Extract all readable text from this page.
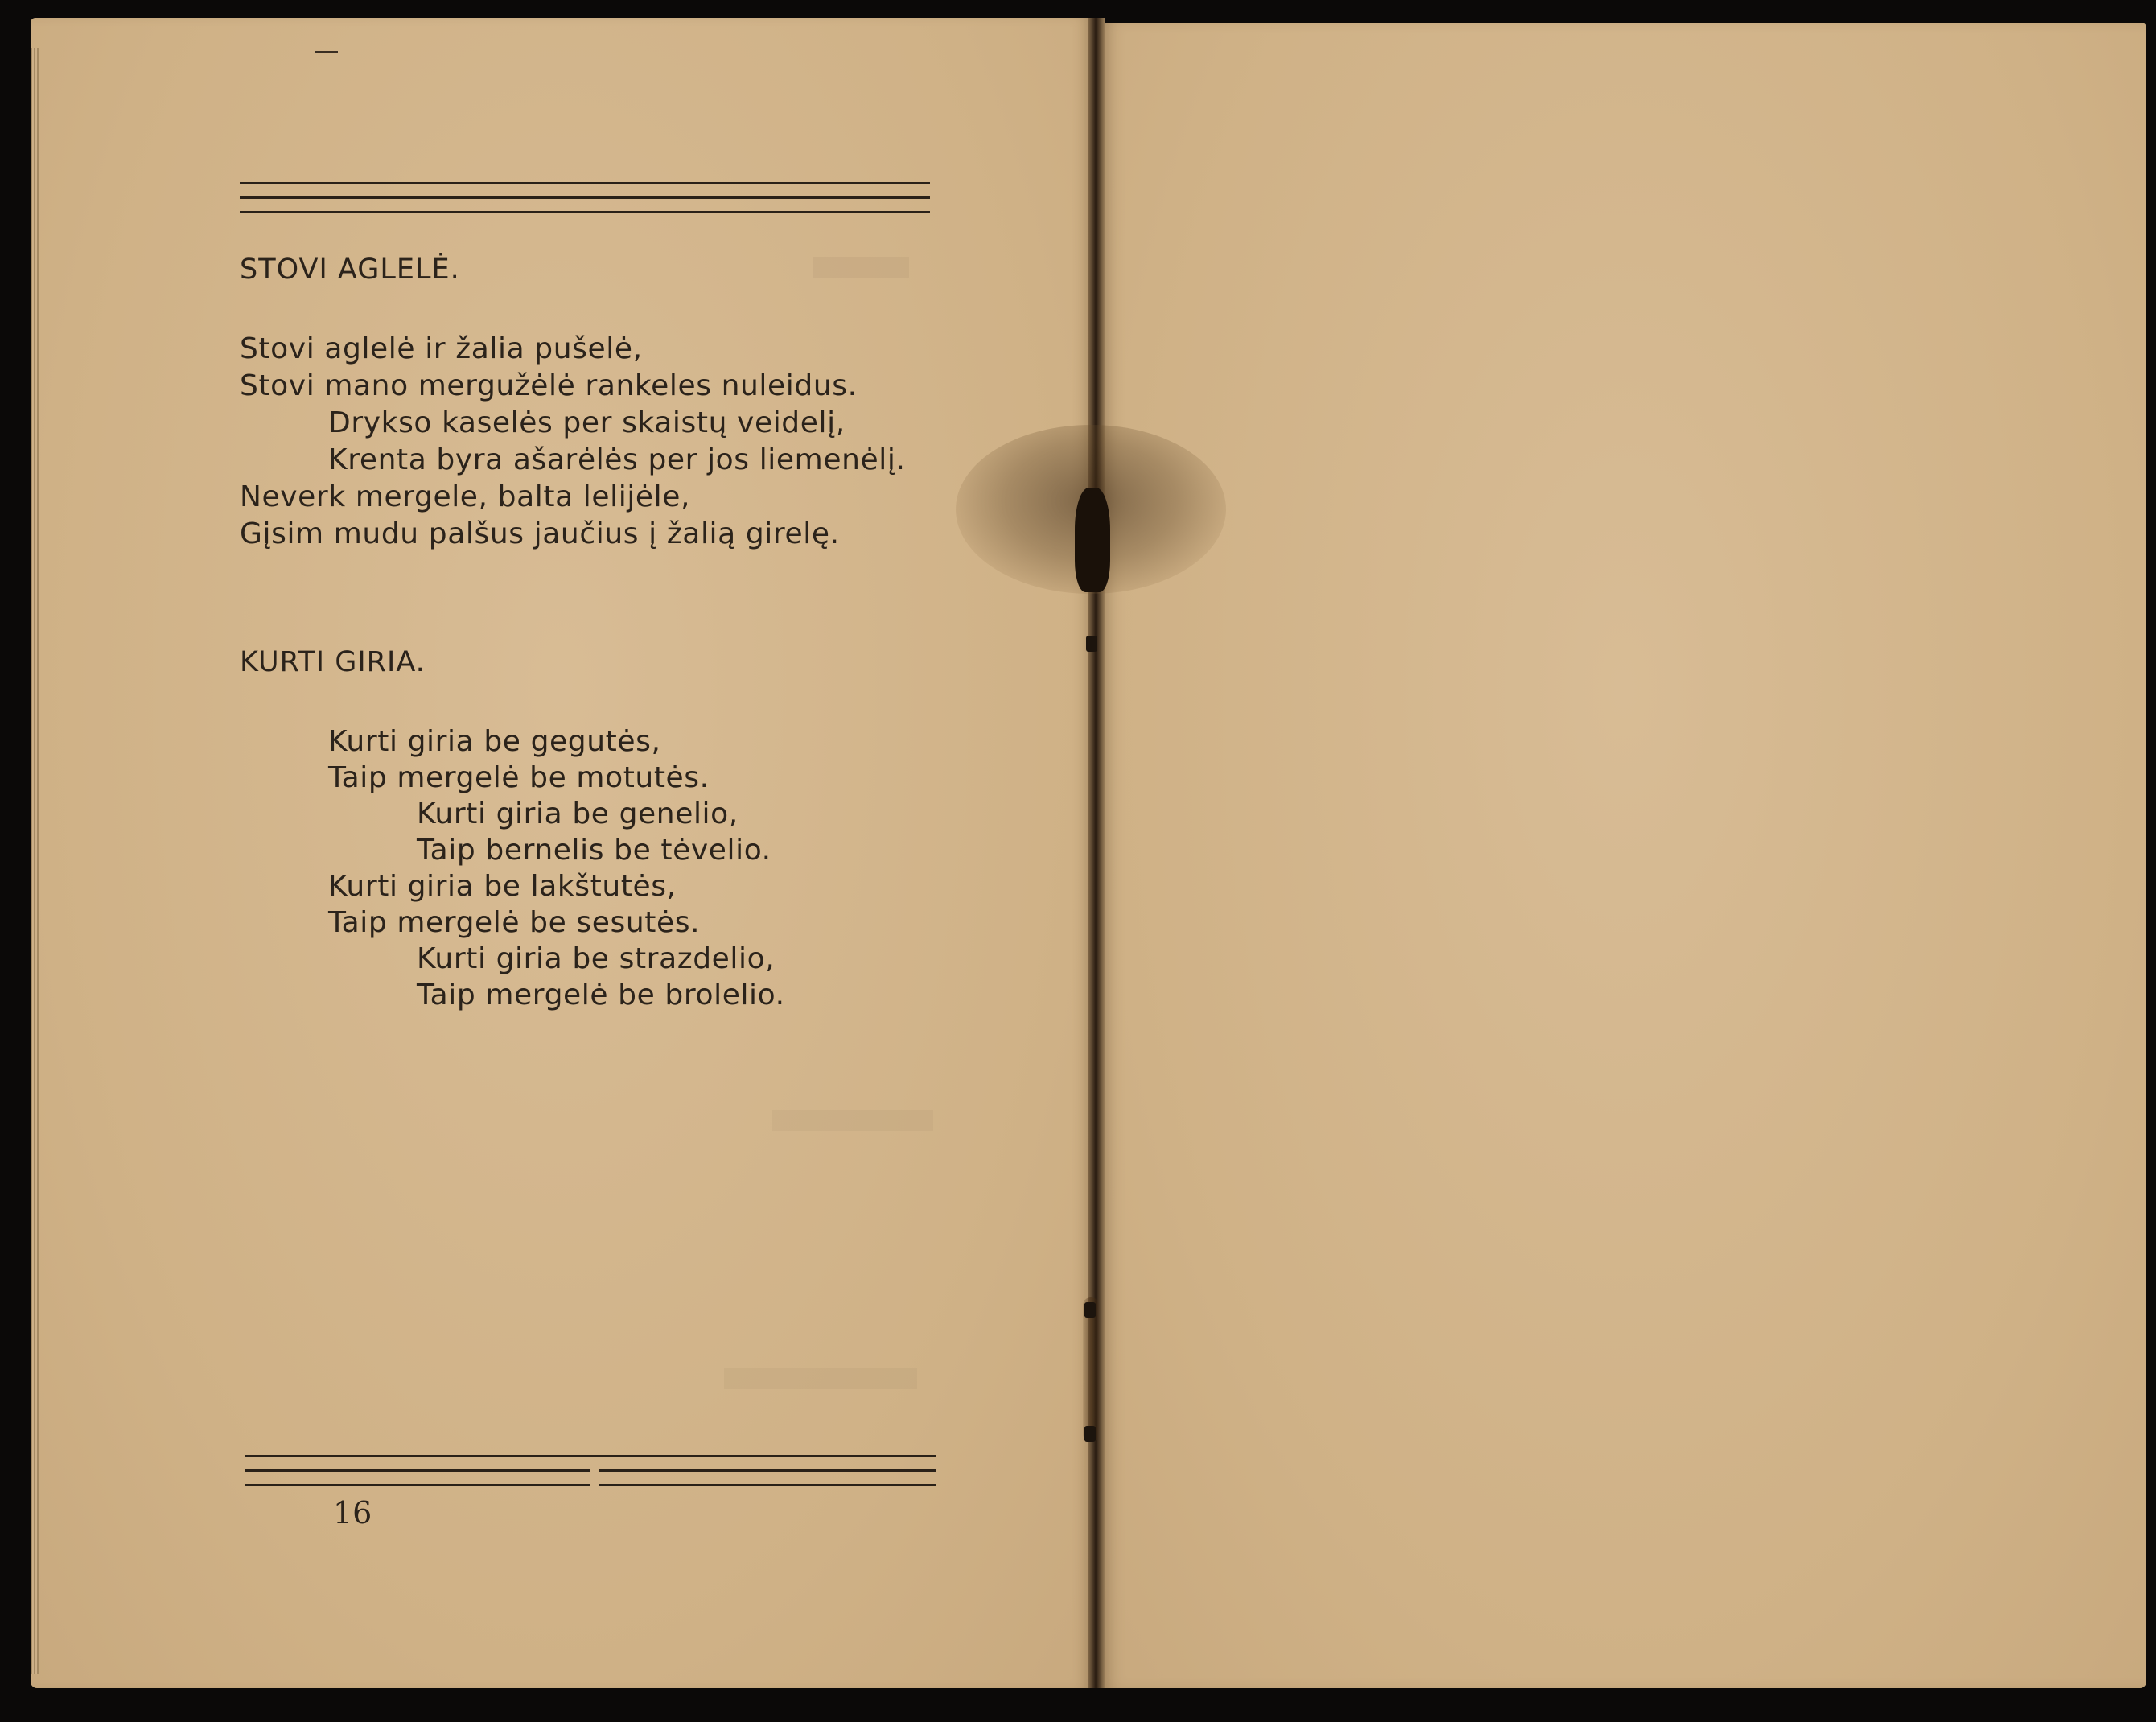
STOVI AGLELĖ.
Stovi aglelė ir žalia pušelė,
Stovi mano mergužėlė rankeles nuleidus.
Drykso kaselės per skaistų veidelį,
Krenta byra ašarėlės per jos liemenėlį.
Neverk mergele, balta lelijėle,
Gįsim mudu palšus jaučius į žalią girelę.
KURTI GIRIA.
Kurti giria be gegutės,
Taip mergelė be motutės.
Kurti giria be genelio,
Taip bernelis be tėvelio.
Kurti giria be lakštutės,
Taip mergelė be sesutės.
Kurti giria be strazdelio,
Taip mergelė be brolelio.
16
